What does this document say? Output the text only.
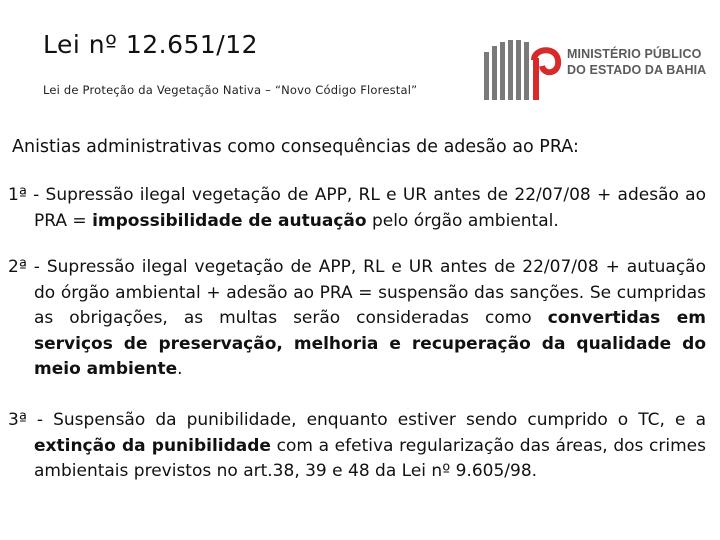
Lei nº 12.651/12
Lei de Proteção da Vegetação Nativa – “Novo Código Florestal”
MINISTÉRIO PÚBLICO
DO ESTADO DA BAHIA
Anistias administrativas como consequências de adesão ao PRA:
1ª - Supressão ilegal vegetação de APP, RL e UR antes de 22/07/08 + adesão ao PRA = impossibilidade de autuação pelo órgão ambiental.
2ª - Supressão ilegal vegetação de APP, RL e UR antes de 22/07/08 + autuação do órgão ambiental + adesão ao PRA = suspensão das sanções. Se cumpridas as obrigações, as multas serão consideradas como convertidas em serviços de preservação, melhoria e recuperação da qualidade do meio ambiente.
3ª - Suspensão da punibilidade, enquanto estiver sendo cumprido o TC, e a extinção da punibilidade com a efetiva regularização das áreas, dos crimes ambientais previstos no art.38, 39 e 48 da Lei nº 9.605/98.
